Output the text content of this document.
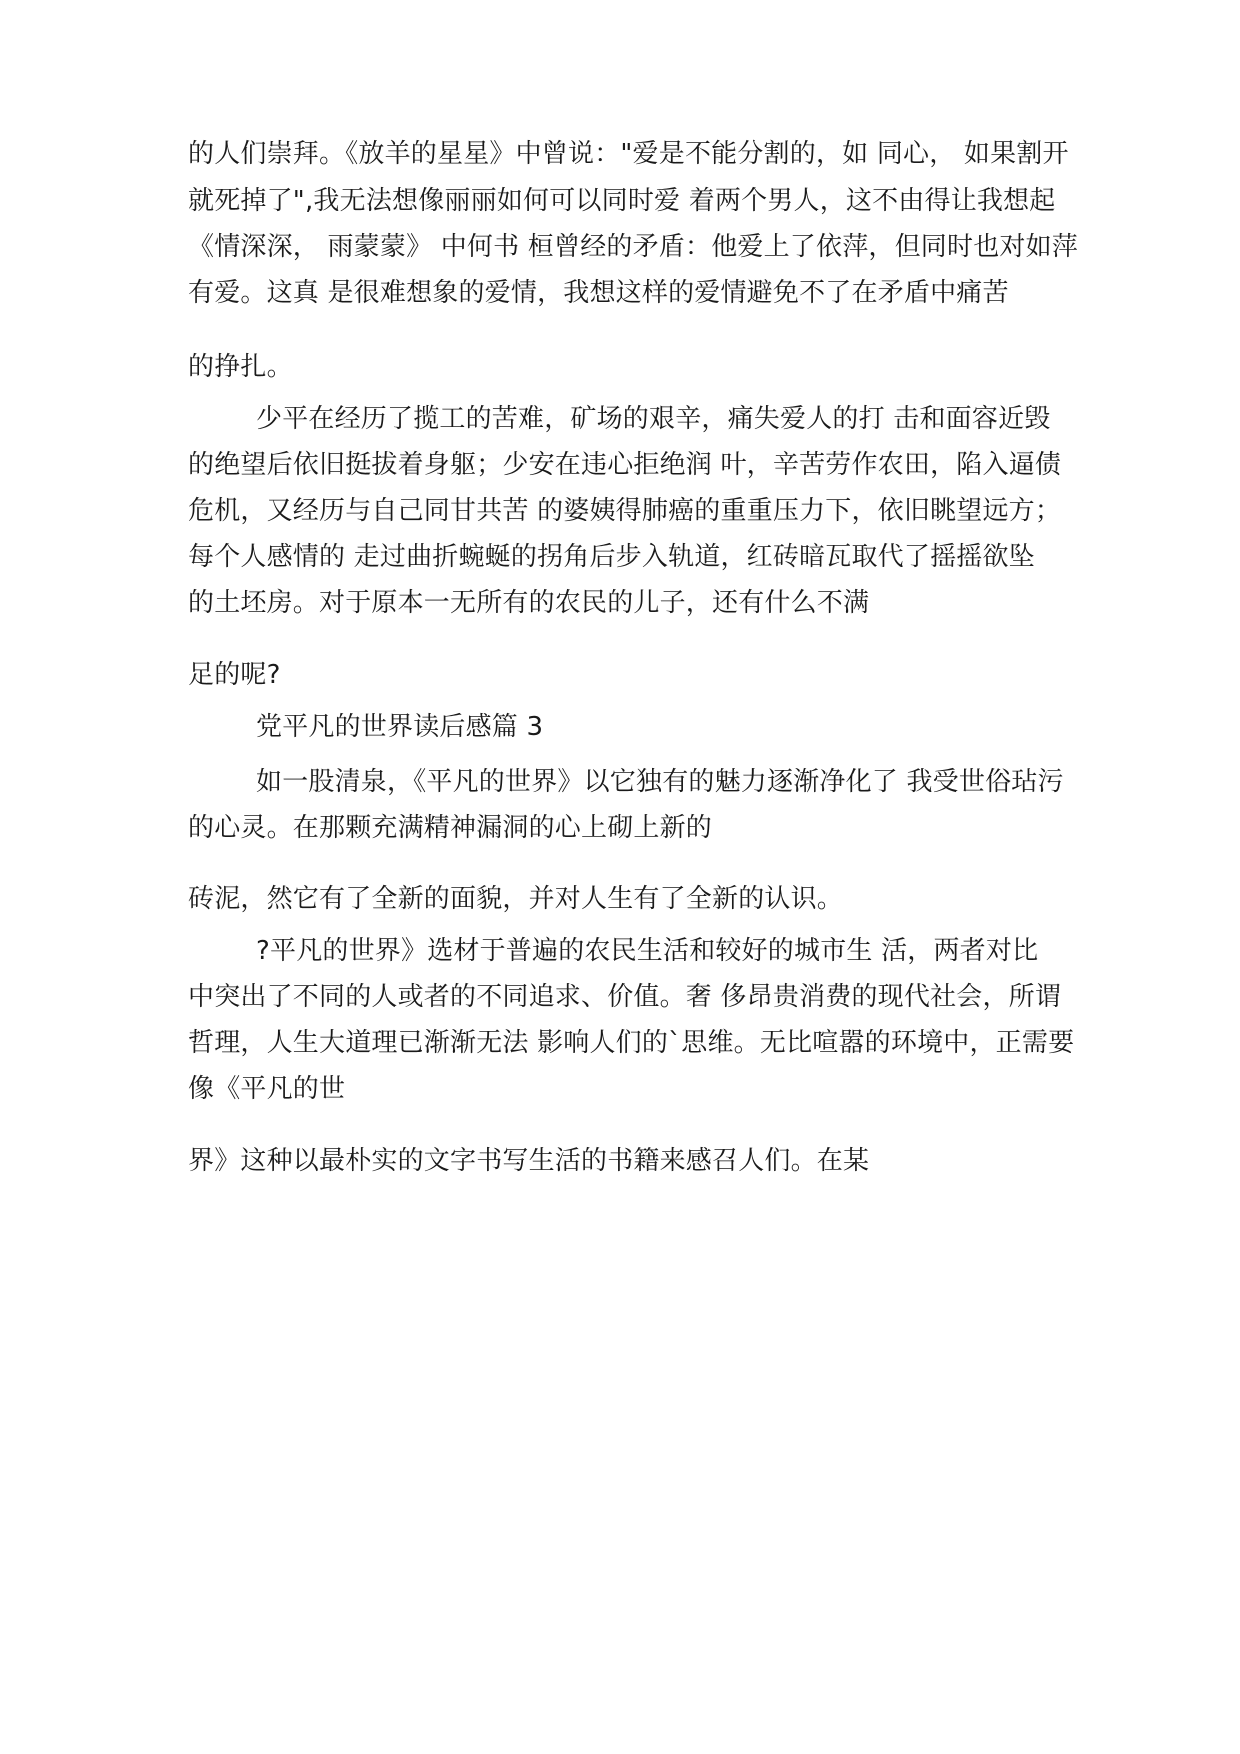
的人们崇拜。《放羊的星星》中曾说："爱是不能分割的，如 同心， 如果割开
就死掉了",我无法想像丽丽如何可以同时爱 着两个男人，这不由得让我想起
《情深深， 雨蒙蒙》 中何书 桓曾经的矛盾：他爱上了依萍，但同时也对如萍
有爱。这真 是很难想象的爱情，我想这样的爱情避免不了在矛盾中痛苦
的挣扎。
少平在经历了揽工的苦难，矿场的艰辛，痛失爱人的打 击和面容近毁
的绝望后依旧挺拔着身躯；少安在违心拒绝润 叶，辛苦劳作农田，陷入逼债
危机，又经历与自己同甘共苦 的婆姨得肺癌的重重压力下，依旧眺望远方；
每个人感情的 走过曲折蜿蜒的拐角后步入轨道，红砖暗瓦取代了摇摇欲坠
的土坯房。对于原本一无所有的农民的儿子，还有什么不满
足的呢?
党平凡的世界读后感篇 3
如一股清泉，《平凡的世界》以它独有的魅力逐渐净化了 我受世俗玷污
的心灵。在那颗充满精神漏洞的心上砌上新的
砖泥，然它有了全新的面貌，并对人生有了全新的认识。
?平凡的世界》选材于普遍的农民生活和较好的城市生 活，两者对比
中突出了不同的人或者的不同追求、价值。奢 侈昂贵消费的现代社会，所谓
哲理，人生大道理已渐渐无法 影响人们的`思维。无比喧嚣的环境中，正需要
像《平凡的世
界》这种以最朴实的文字书写生活的书籍来感召人们。在某
